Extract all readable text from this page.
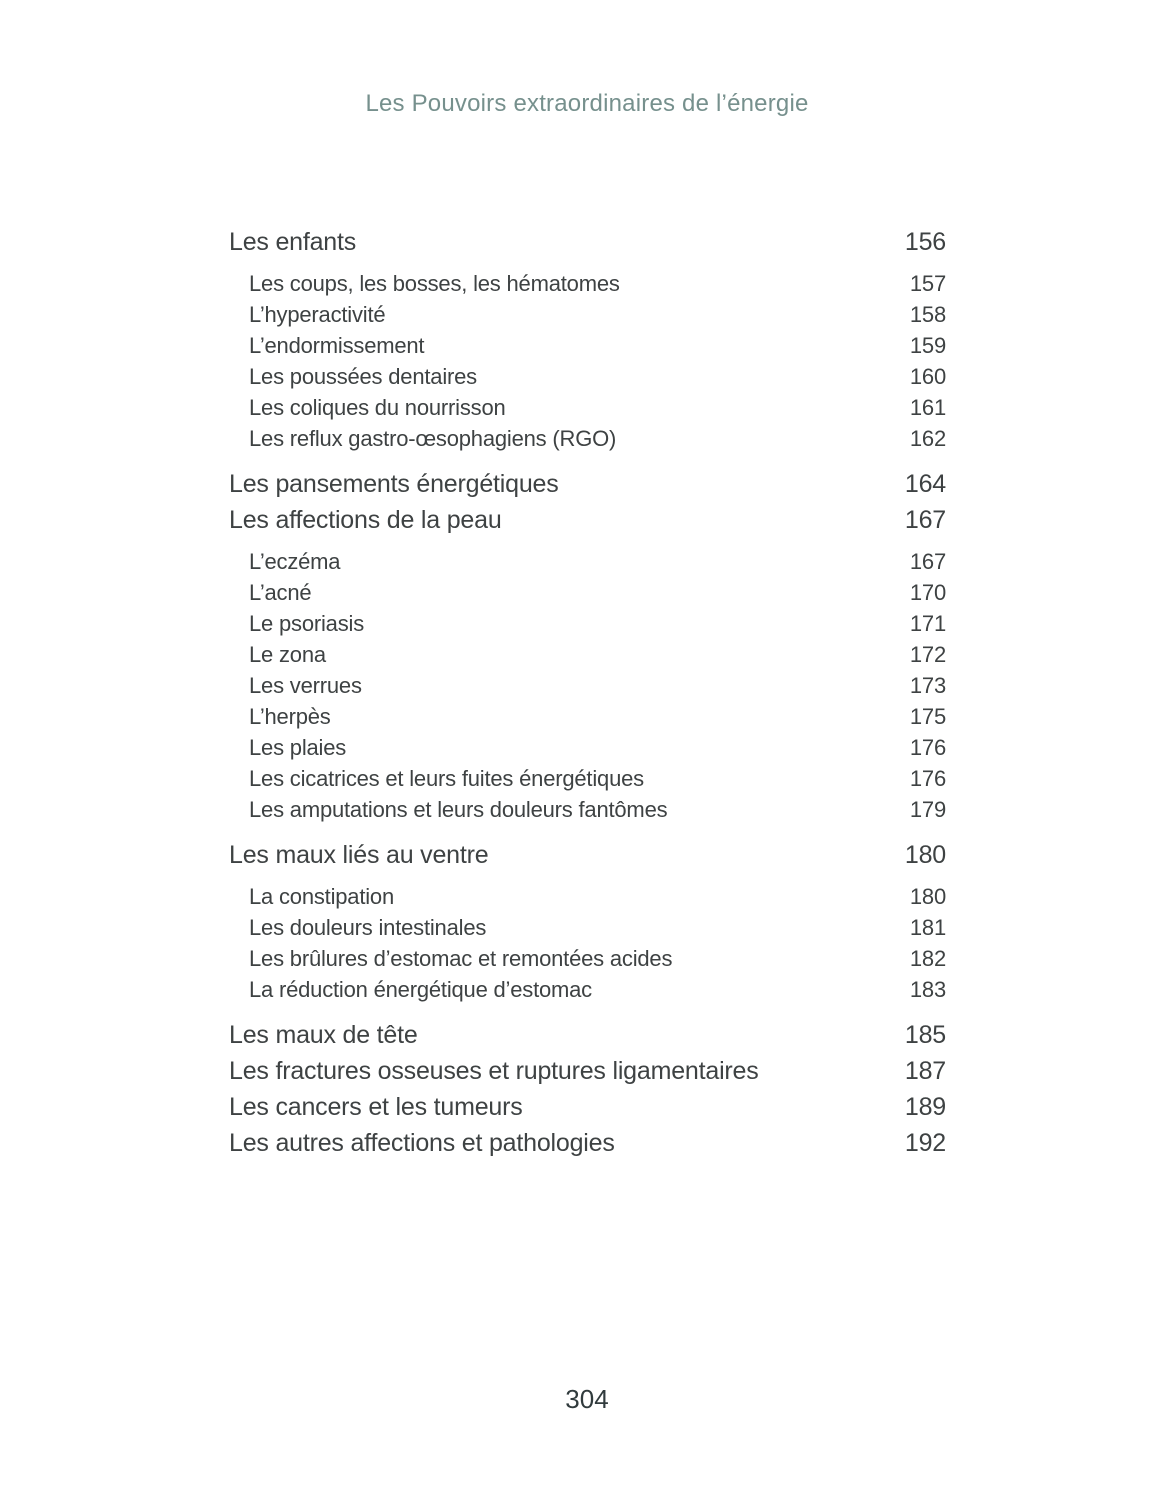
Les Pouvoirs extraordinaires de l’énergie
Les enfants	156
Les coups, les bosses, les hématomes	157
L’hyperactivité	158
L’endormissement	159
Les poussées dentaires	160
Les coliques du nourrisson	161
Les reflux gastro-œsophagiens (RGO)	162
Les pansements énergétiques	164
Les affections de la peau	167
L’eczéma	167
L’acné	170
Le psoriasis	171
Le zona	172
Les verrues	173
L’herpès	175
Les plaies	176
Les cicatrices et leurs fuites énergétiques	176
Les amputations et leurs douleurs fantômes	179
Les maux liés au ventre	180
La constipation	180
Les douleurs intestinales	181
Les brûlures d’estomac et remontées acides	182
La réduction énergétique d’estomac	183
Les maux de tête	185
Les fractures osseuses et ruptures ligamentaires	187
Les cancers et les tumeurs	189
Les autres affections et pathologies	192
304
